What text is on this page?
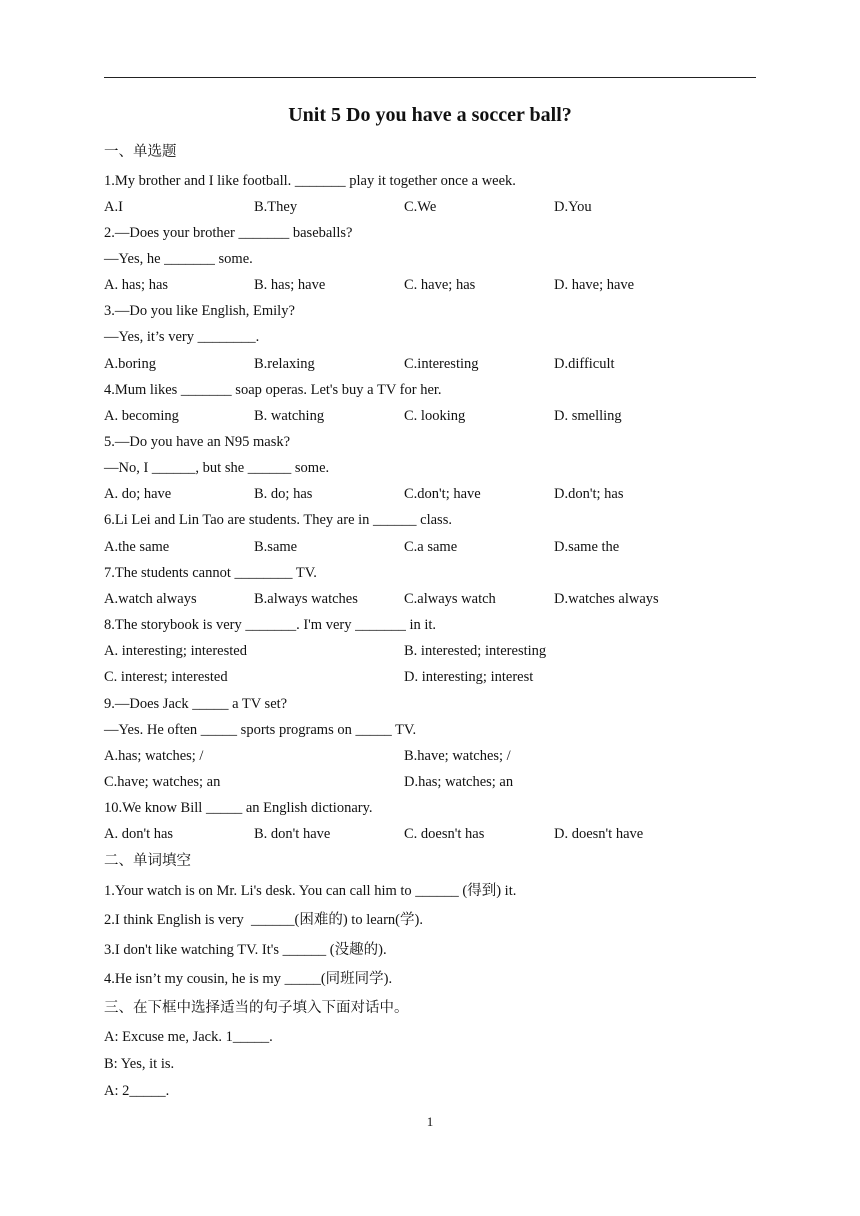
Unit 5 Do you have a soccer ball?
一、单选题
1.My brother and I like football. _______ play it together once a week.
A.I	B.They	C.We	D.You
2.—Does your brother _______ baseballs?
—Yes, he _______ some.
A. has; has	B. has; have	C. have; has	D. have; have
3.—Do you like English, Emily?
—Yes, it’s very ________.
A.boring	B.relaxing	C.interesting	D.difficult
4.Mum likes _______ soap operas. Let's buy a TV for her.
A. becoming	B. watching	C. looking	D. smelling
5.—Do you have an N95 mask?
—No, I ______, but she ______ some.
A. do; have	B. do; has	C.don't; have	D.don't; has
6.Li Lei and Lin Tao are students. They are in ______ class.
A.the same	B.same	C.a same	D.same the
7.The students cannot ________ TV.
A.watch always	B.always watches	C.always watch	D.watches always
8.The storybook is very _______. I'm very _______ in it.
A. interesting; interested	B. interested; interesting
C. interest; interested	D. interesting; interest
9.—Does Jack _____ a TV set?
—Yes. He often _____ sports programs on _____ TV.
A.has; watches; /	B.have; watches; /
C.have; watches; an	D.has; watches; an
10.We know Bill _____ an English dictionary.
A. don't has	B. don't have	C. doesn't has	D. doesn't have
二、单词填空
1.Your watch is on Mr. Li's desk. You can call him to ______ (得到) it.
2.I think English is very  ______(困难的) to learn(学).
3.I don't like watching TV. It's ______ (没趣的).
4.He isn’t my cousin, he is my _____(同班同学).
三、在下框中选择适当的句子填入下面对话中。
A: Excuse me, Jack. 1_____.
B: Yes, it is.
A: 2_____.
1
